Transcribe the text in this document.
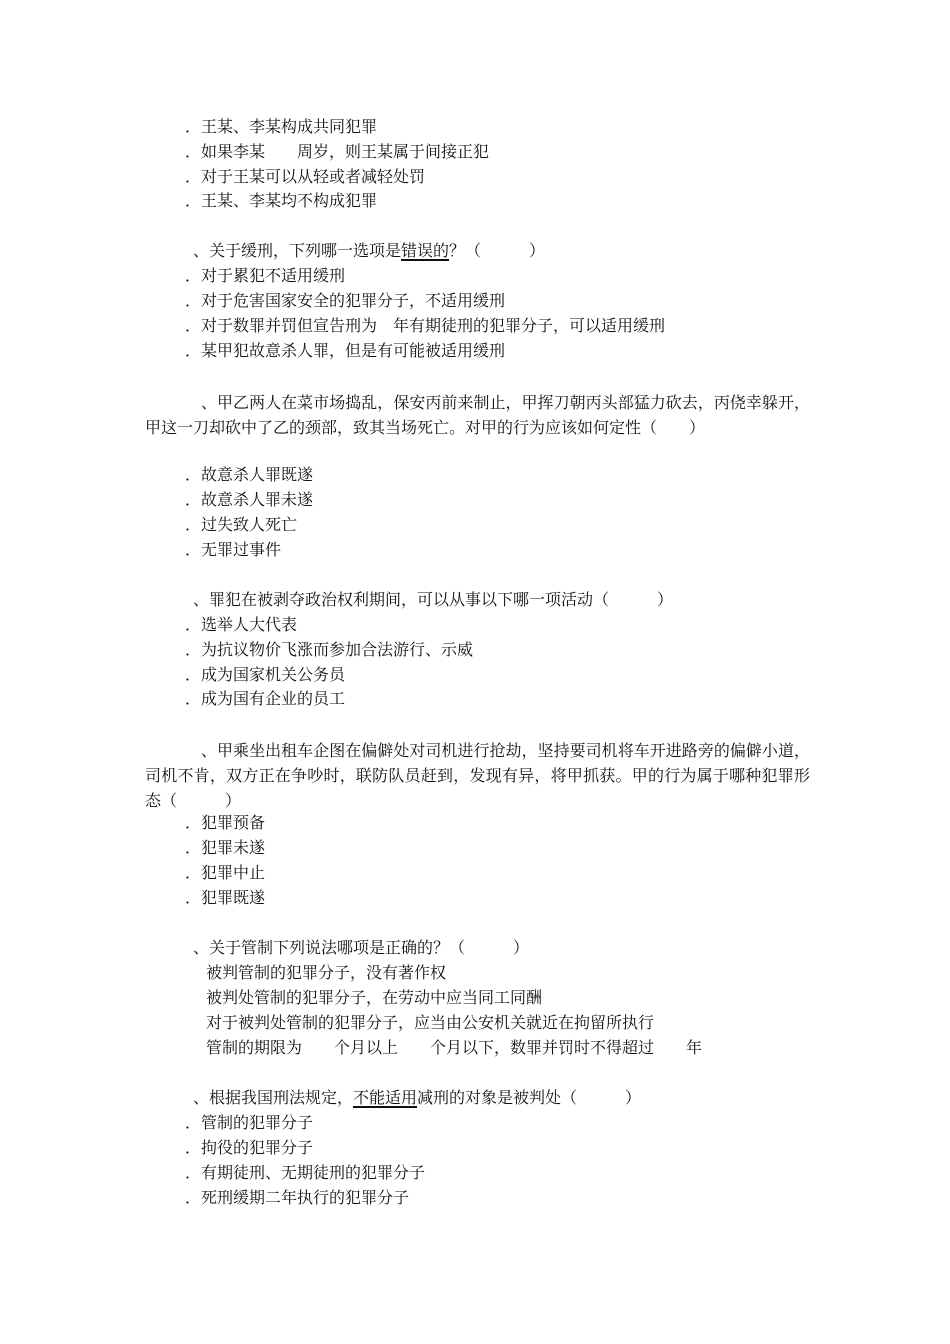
．王某、李某构成共同犯罪
．如果李某　　周岁，则王某属于间接正犯
．对于王某可以从轻或者减轻处罚
．王某、李某均不构成犯罪
、关于缓刑，下列哪一选项是错误的？（　　　）
．对于累犯不适用缓刑
．对于危害国家安全的犯罪分子，不适用缓刑
．对于数罪并罚但宣告刑为　年有期徒刑的犯罪分子，可以适用缓刑
．某甲犯故意杀人罪，但是有可能被适用缓刑
、甲乙两人在菜市场捣乱，保安丙前来制止，甲挥刀朝丙头部猛力砍去，丙侥幸躲开，甲这一刀却砍中了乙的颈部，致其当场死亡。对甲的行为应该如何定性（　　）
．故意杀人罪既遂
．故意杀人罪未遂
．过失致人死亡
．无罪过事件
、罪犯在被剥夺政治权利期间，可以从事以下哪一项活动（　　　）
．选举人大代表
．为抗议物价飞涨而参加合法游行、示威
．成为国家机关公务员
．成为国有企业的员工
、甲乘坐出租车企图在偏僻处对司机进行抢劫，坚持要司机将车开进路旁的偏僻小道，司机不肯，双方正在争吵时，联防队员赶到，发现有异，将甲抓获。甲的行为属于哪种犯罪形态（　　　）
．犯罪预备
．犯罪未遂
．犯罪中止
．犯罪既遂
、关于管制下列说法哪项是正确的？（　　　）
被判管制的犯罪分子，没有著作权
被判处管制的犯罪分子，在劳动中应当同工同酬
对于被判处管制的犯罪分子，应当由公安机关就近在拘留所执行
管制的期限为　　个月以上　　个月以下，数罪并罚时不得超过　　年
、根据我国刑法规定，不能适用减刑的对象是被判处（　　　）
．管制的犯罪分子
．拘役的犯罪分子
．有期徒刑、无期徒刑的犯罪分子
．死刑缓期二年执行的犯罪分子
